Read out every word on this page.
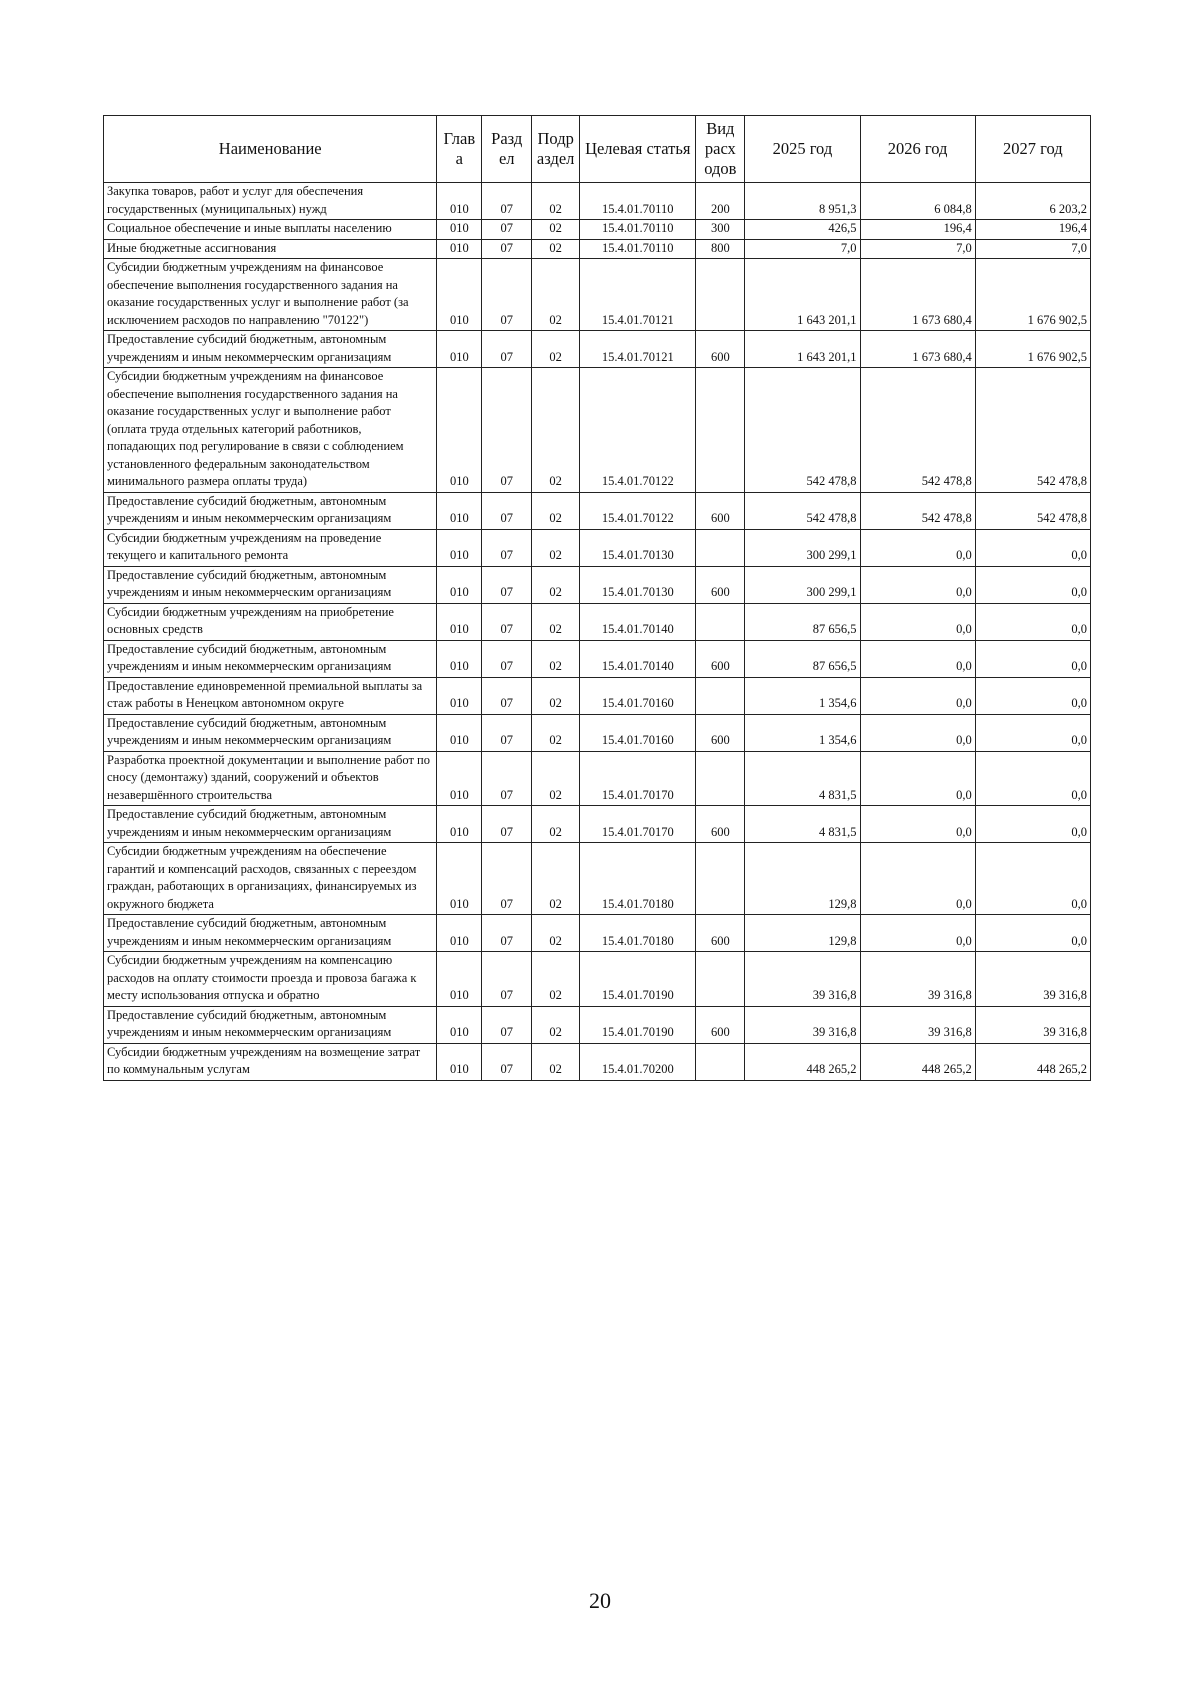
Наименование	Глав а	Разд ел	Подр аздел	Целевая статья	Вид расх одов	2025 год	2026 год	2027 год
Закупка товаров, работ и услуг для обеспечения государственных (муниципальных) нужд	010	07	02	15.4.01.70110	200	8 951,3	6 084,8	6 203,2
Социальное обеспечение и иные выплаты населению	010	07	02	15.4.01.70110	300	426,5	196,4	196,4
Иные бюджетные ассигнования	010	07	02	15.4.01.70110	800	7,0	7,0	7,0
Субсидии бюджетным учреждениям на финансовое обеспечение выполнения государственного задания на оказание государственных услуг и выполнение работ (за исключением расходов по направлению "70122")	010	07	02	15.4.01.70121		1 643 201,1	1 673 680,4	1 676 902,5
Предоставление субсидий бюджетным, автономным учреждениям и иным некоммерческим организациям	010	07	02	15.4.01.70121	600	1 643 201,1	1 673 680,4	1 676 902,5
Субсидии бюджетным учреждениям на финансовое обеспечение выполнения государственного задания на оказание государственных услуг и выполнение работ (оплата труда отдельных категорий работников, попадающих под регулирование в связи с соблюдением установленного федеральным законодательством минимального размера оплаты труда)	010	07	02	15.4.01.70122		542 478,8	542 478,8	542 478,8
Предоставление субсидий бюджетным, автономным учреждениям и иным некоммерческим организациям	010	07	02	15.4.01.70122	600	542 478,8	542 478,8	542 478,8
Субсидии бюджетным учреждениям на проведение текущего и капитального ремонта	010	07	02	15.4.01.70130		300 299,1	0,0	0,0
Предоставление субсидий бюджетным, автономным учреждениям и иным некоммерческим организациям	010	07	02	15.4.01.70130	600	300 299,1	0,0	0,0
Субсидии бюджетным учреждениям на приобретение основных средств	010	07	02	15.4.01.70140		87 656,5	0,0	0,0
Предоставление субсидий бюджетным, автономным учреждениям и иным некоммерческим организациям	010	07	02	15.4.01.70140	600	87 656,5	0,0	0,0
Предоставление единовременной премиальной выплаты за стаж работы в Ненецком автономном округе	010	07	02	15.4.01.70160		1 354,6	0,0	0,0
Предоставление субсидий бюджетным, автономным учреждениям и иным некоммерческим организациям	010	07	02	15.4.01.70160	600	1 354,6	0,0	0,0
Разработка проектной документации и выполнение работ по сносу (демонтажу) зданий, сооружений и объектов незавершённого строительства	010	07	02	15.4.01.70170		4 831,5	0,0	0,0
Предоставление субсидий бюджетным, автономным учреждениям и иным некоммерческим организациям	010	07	02	15.4.01.70170	600	4 831,5	0,0	0,0
Субсидии бюджетным учреждениям на обеспечение гарантий и компенсаций расходов, связанных с переездом граждан, работающих в организациях, финансируемых из окружного бюджета	010	07	02	15.4.01.70180		129,8	0,0	0,0
Предоставление субсидий бюджетным, автономным учреждениям и иным некоммерческим организациям	010	07	02	15.4.01.70180	600	129,8	0,0	0,0
Субсидии бюджетным учреждениям на компенсацию расходов на оплату стоимости проезда и провоза багажа к месту использования отпуска и обратно	010	07	02	15.4.01.70190		39 316,8	39 316,8	39 316,8
Предоставление субсидий бюджетным, автономным учреждениям и иным некоммерческим организациям	010	07	02	15.4.01.70190	600	39 316,8	39 316,8	39 316,8
Субсидии бюджетным учреждениям на возмещение затрат по коммунальным услугам	010	07	02	15.4.01.70200		448 265,2	448 265,2	448 265,2
20
